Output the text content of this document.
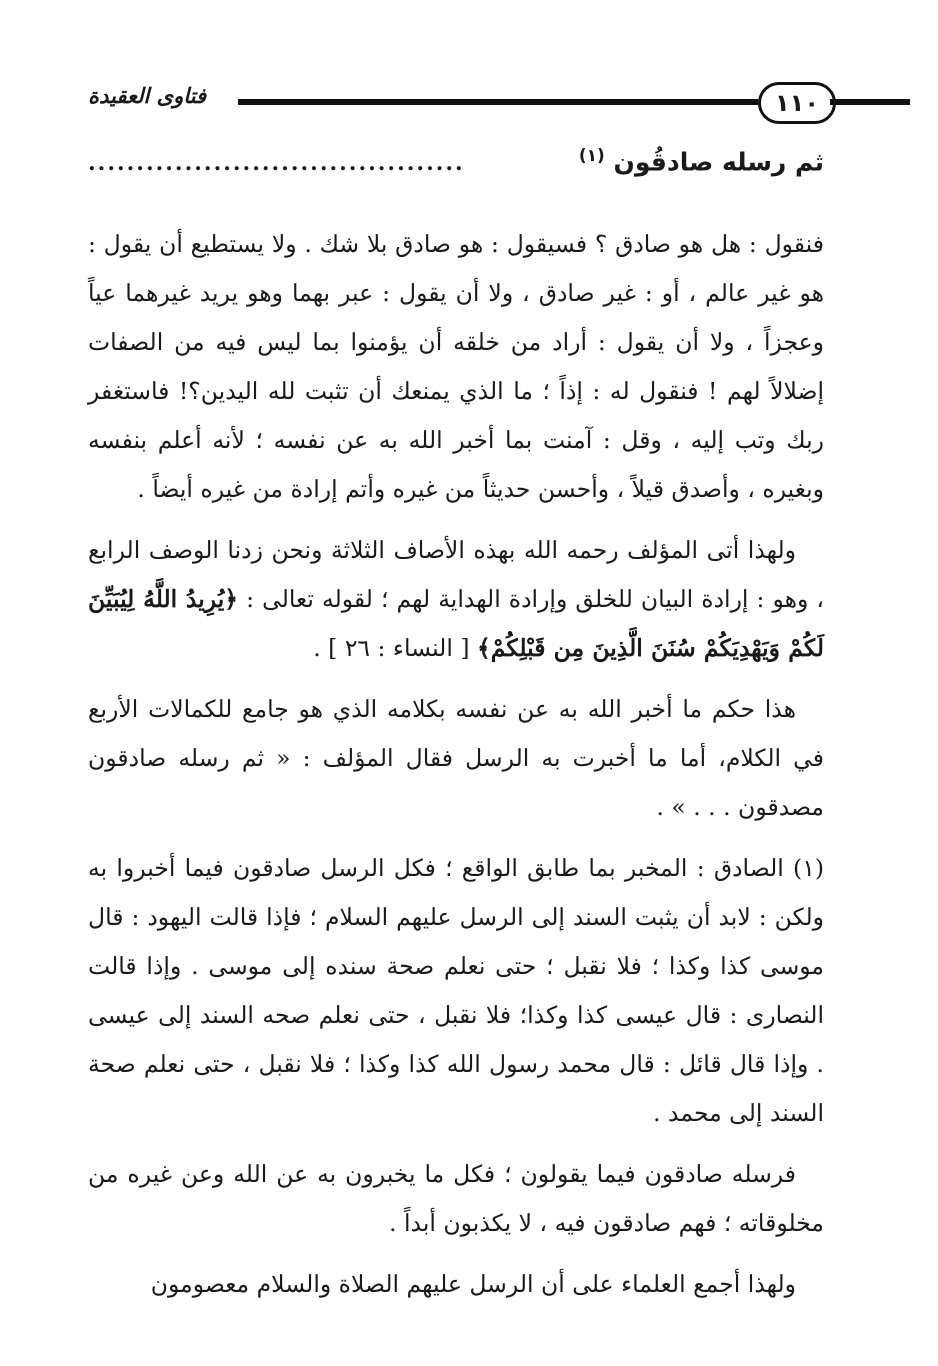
فتاوى العقيدة	١١٠
ثم رسله صادقُون $^{(١)}$
.......................................

فنقول : هل هو صادق ؟ فسيقول : هو صادق بلا شك . ولا يستطيع أن يقول : هو غير عالم ، أو : غير صادق ، ولا أن يقول : عبر بهما وهو يريد غيرهما عياً وعجزاً ، ولا أن يقول : أراد من خلقه أن يؤمنوا بما ليس فيه من الصفات إضلالاً لهم ! فنقول له : إذاً ؛ ما الذي يمنعك أن تثبت لله اليدين؟! فاستغفر ربك وتب إليه ، وقل : آمنت بما أخبر الله به عن نفسه ؛ لأنه أعلم بنفسه وبغيره ، وأصدق قيلاً ، وأحسن حديثاً من غيره وأتم إرادة من غيره أيضاً .

ولهذا أتى المؤلف رحمه الله بهذه الأصاف الثلاثة ونحن زدنا الوصف الرابع ، وهو : إرادة البيان للخلق وإرادة الهداية لهم ؛ لقوله تعالى : ﴿يُرِيدُ اللَّهُ لِيُبَيِّنَ لَكُمْ وَيَهْدِيَكُمْ سُنَنَ الَّذِينَ مِن قَبْلِكُمْ﴾ [ النساء : ٢٦ ] .

هذا حكم ما أخبر الله به عن نفسه بكلامه الذي هو جامع للكمالات الأربع في الكلام، أما ما أخبرت به الرسل فقال المؤلف : « ثم رسله صادقون مصدقون . . . » .

(١) الصادق : المخبر بما طابق الواقع ؛ فكل الرسل صادقون فيما أخبروا به ولكن : لابد أن يثبت السند إلى الرسل عليهم السلام ؛ فإذا قالت اليهود : قال موسى كذا وكذا ؛ فلا نقبل ؛ حتى نعلم صحة سنده إلى موسى . وإذا قالت النصارى : قال عيسى كذا وكذا؛ فلا نقبل ، حتى نعلم صحه السند إلى عيسى . وإذا قال قائل : قال محمد رسول الله كذا وكذا ؛ فلا نقبل ، حتى نعلم صحة السند إلى محمد .

فرسله صادقون فيما يقولون ؛ فكل ما يخبرون به عن الله وعن غيره من مخلوقاته ؛ فهم صادقون فيه ، لا يكذبون أبداً .

ولهذا أجمع العلماء على أن الرسل عليهم الصلاة والسلام معصومون
